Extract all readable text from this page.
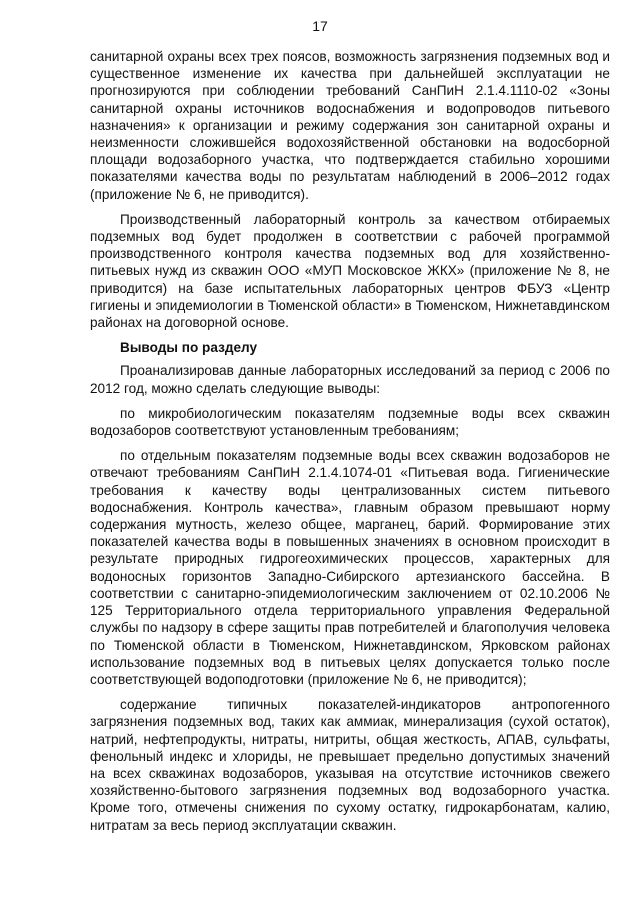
17

санитарной охраны всех трех поясов, возможность загрязнения подземных вод и существенное изменение их качества при дальнейшей эксплуатации не прогнозируются при соблюдении требований СанПиН 2.1.4.1110-02 «Зоны санитарной охраны источников водоснабжения и водопроводов питьевого назначения» к организации и режиму содержания зон санитарной охраны и неизменности сложившейся водохозяйственной обстановки на водосборной площади водозаборного участка, что подтверждается стабильно хорошими показателями качества воды по результатам наблюдений в 2006–2012 годах (приложение № 6, не приводится).

Производственный лабораторный контроль за качеством отбираемых подземных вод будет продолжен в соответствии с рабочей программой производственного контроля качества подземных вод для хозяйственно-питьевых нужд из скважин ООО «МУП Московское ЖКХ» (приложение № 8, не приводится) на базе испытательных лабораторных центров ФБУЗ «Центр гигиены и эпидемиологии в Тюменской области» в Тюменском, Нижнетавдинском районах на договорной основе.

Выводы по разделу

Проанализировав данные лабораторных исследований за период с 2006 по 2012 год, можно сделать следующие выводы:

по микробиологическим показателям подземные воды всех скважин водозаборов соответствуют установленным требованиям;

по отдельным показателям подземные воды всех скважин водозаборов не отвечают требованиям СанПиН 2.1.4.1074-01 «Питьевая вода. Гигиенические требования к качеству воды централизованных систем питьевого водоснабжения. Контроль качества», главным образом превышают норму содержания мутность, железо общее, марганец, барий. Формирование этих показателей качества воды в повышенных значениях в основном происходит в результате природных гидрогеохимических процессов, характерных для водоносных горизонтов Западно-Сибирского артезианского бассейна. В соответствии с санитарно-эпидемиологическим заключением от 02.10.2006 № 125 Территориального отдела территориального управления Федеральной службы по надзору в сфере защиты прав потребителей и благополучия человека по Тюменской области в Тюменском, Нижнетавдинском, Ярковском районах использование подземных вод в питьевых целях допускается только после соответствующей водоподготовки (приложение № 6, не приводится);

содержание типичных показателей-индикаторов антропогенного загрязнения подземных вод, таких как аммиак, минерализация (сухой остаток), натрий, нефтепродукты, нитраты, нитриты, общая жесткость, АПАВ, сульфаты, фенольный индекс и хлориды, не превышает предельно допустимых значений на всех скважинах водозаборов, указывая на отсутствие источников свежего хозяйственно-бытового загрязнения подземных вод водозаборного участка. Кроме того, отмечены снижения по сухому остатку, гидрокарбонатам, калию, нитратам за весь период эксплуатации скважин.
